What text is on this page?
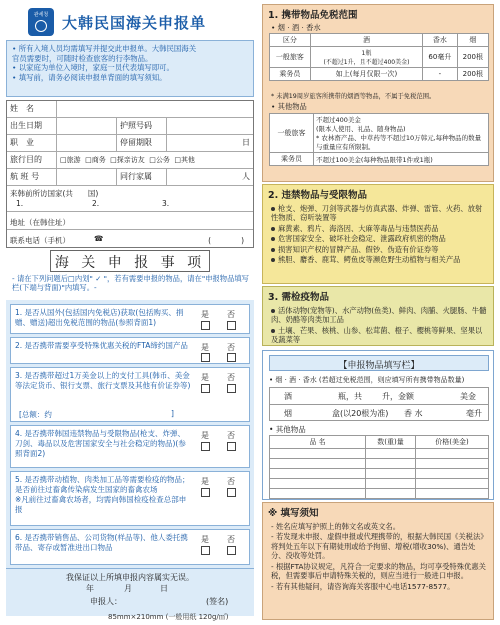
관세청 大韩民国海关申报单
• 所有入境人员均需填写并提交此申报单。大韩民国海关
官员需要时，可随时检查旅客的行李物品。
• 以家庭为单位入境时，家庭一员代表填写即可。
• 填写前，请务必阅读申报单背面的填写须知。
姓　名
出生日期	护照号码
职　业	停留期限	日
旅行目的	□旅游 □商务 □探亲访友 □公务 □其他
航 班 号	同行家属	人
来韩前所访国家(共　　国)
1.	2.	3.
地址（在韩住址）
联系电话（手机）	☎	(　　　　)
海 关 申 报 事 项
- 请在下列问题后□内划" ✓ "，若有需要申报的物品，请在"申报物品填写栏(下端与背面)"内填写。-
1. 是否从国外(包括国内免税店)获取(包括购买、捐赠、赠送)超出免税范围的物品(参照背面1)
是 否
2. 是否携带需要享受特殊优惠关税的FTA缔约国产品	是 否
3. 是否携带超过1万美金以上的支付工具(韩币、美金等法定货币、银行支票、旅行支票及其他有价证券等)
[总额：约	]
是 否
4. 是否携带韩国违禁物品与受限物品(枪支、炸弹、刀剑、毒品以及危害国家安全与社会稳定的物品)(参照背面2)
是 否
5. 是否携带动植物、肉类加工品等需要检疫的物品；是否前往过畜禽传染病发生国家的畜禽农场
※凡前往过畜禽农场者，均需向韩国检疫检查总部申报
是 否
6. 是否携带销售品、公司货物(样品等)、他人委托携带品、寄存或暂准进出口物品
是 否
我保证以上所填申报内容属实无误。
年	月	日
申报人：	(签名)
85mm×210mm (一般用纸 120g/㎡)
1. 携带物品免税范围
• 烟 · 酒 · 香水
区分	酒	香水	烟
一般旅客	1瓶
(不超过1升，且不超过400美金)	60毫升	200根
乘务员	如上(每月仅限一次)	-	200根
* 未满19周岁旅客所携带的烟酒等物品，不属于免税范围。
• 其他物品
一般旅客	不超过400美金
(限本人使用、礼品、随身物品)
* 农林畜产品、中草药等不超过10万韩元,每种物品的数量与重量应有所限制。
乘务员	不超过100美金(每种物品限带1件或1瓶)
2. 违禁物品与受限物品
枪支、炮弹、刀剑等武器与仿真武器、炸弹、雷管、火药、放射性物质、窃听装置等
麻黄素、鸦片、海洛因、大麻等毒品与违禁医药品
危害国家安全、破坏社会稳定、泄露政府机密的物品
损害知识产权的冒牌产品、假钞、伪造有价证券等
熊胆、麝香、鹿茸、鳄鱼皮等濒危野生动植物与相关产品
3. 需检疫物品
活体动物(宠物等)、水产动物(鱼类)、鲜肉、肉脯、火腿肠、牛髓肉、奶酪等肉类加工品
土壤、芒果、核桃、山参、松茸菌、橙子、樱桃等鲜果、坚果以及蔬菜等
【申报物品填写栏】
• 烟 · 酒 · 香水 (若超过免税范围，则应填写所有携带物品数量)
酒	瓶，共	升，金额	美金
烟	盒(以20根为准) 香 水	毫升
• 其他物品
品 名	数(重)量	价格(美金)

※ 填写须知
- 姓名应填写护照上的韩文名或英文名。
- 若发现未申报、虚假申报或代理携带的，根据大韩民国《关税法》将判处五年以下有期徒刑或给予拘留、增税(增收30%)、通告处分、没收等处罚。
- 根据FTA协议规定，凡符合一定要求的物品，均可享受特殊优惠关税，但需要事后申请特殊关税的，则应当进行一般进口申报。
- 若有其他疑问，请咨询海关客服中心电话1577-8577。
